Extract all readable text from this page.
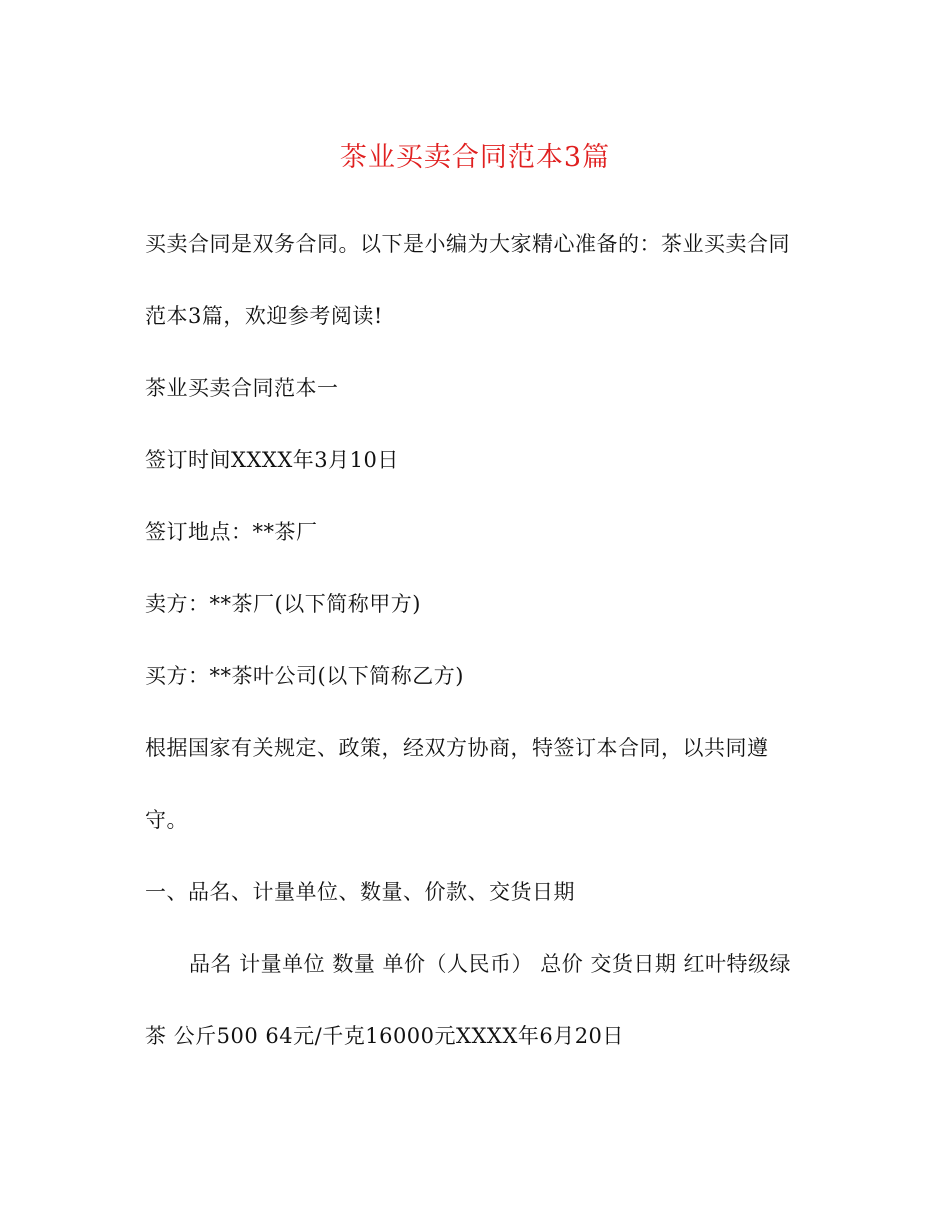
茶业买卖合同范本3篇
买卖合同是双务合同。以下是小编为大家精心准备的：茶业买卖合同
范本3篇，欢迎参考阅读!
茶业买卖合同范本一
签订时间XXXX年3月10日
签订地点：**茶厂
卖方：**茶厂(以下简称甲方)
买方：**茶叶公司(以下简称乙方)
根据国家有关规定、政策，经双方协商，特签订本合同，以共同遵
守。
一、品名、计量单位、数量、价款、交货日期
品名 计量单位 数量 单价（人民币） 总价 交货日期 红叶特级绿
茶 公斤500 64元/千克16000元XXXX年6月20日
